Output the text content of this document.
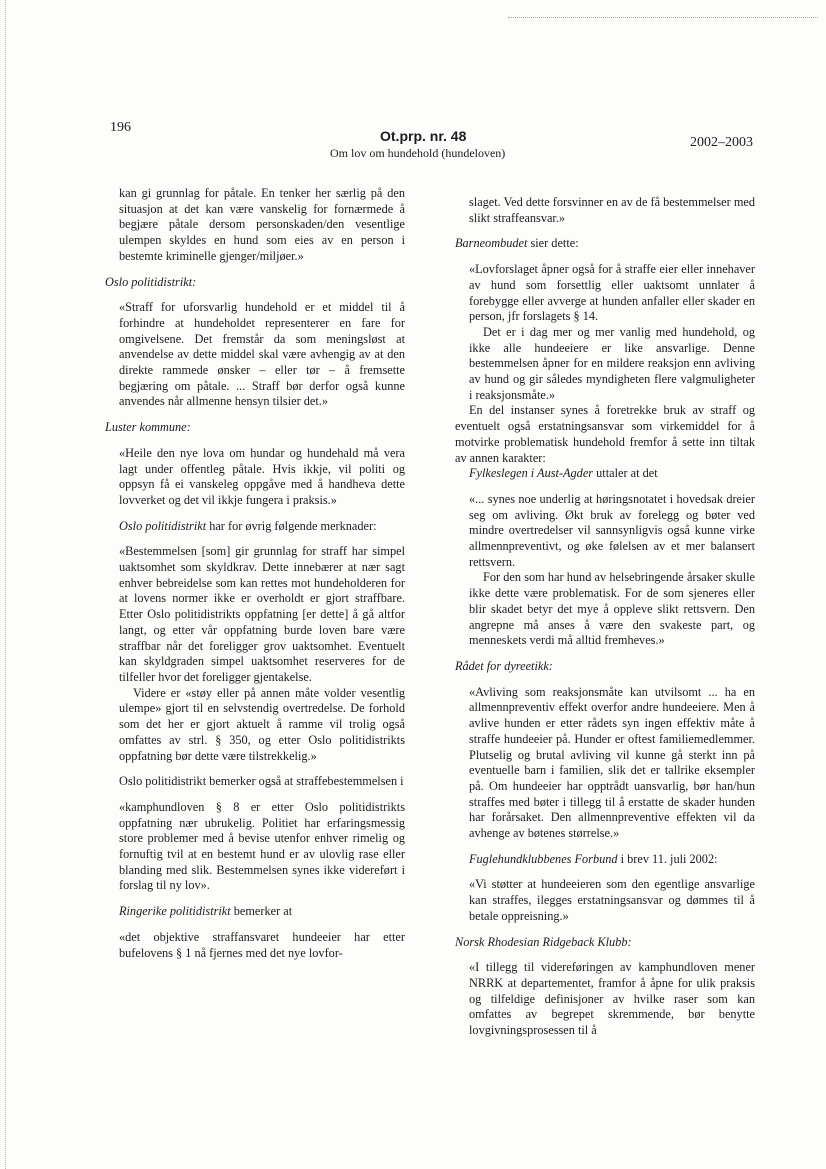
196
Ot.prp. nr. 48
Om lov om hundehold (hundeloven)
2002–2003

kan gi grunnlag for påtale. En tenker her særlig på den situasjon at det kan være vanskelig for fornærmede å begjære påtale dersom personskaden/den vesentlige ulempen skyldes en hund som eies av en person i bestemte kriminelle gjenger/miljøer.»

Oslo politidistrikt:

«Straff for uforsvarlig hundehold er et middel til å forhindre at hundeholdet representerer en fare for omgivelsene. Det fremstår da som meningsløst at anvendelse av dette middel skal være avhengig av at den direkte rammede ønsker – eller tør – å fremsette begjæring om påtale. ... Straff bør derfor også kunne anvendes når allmenne hensyn tilsier det.»

Luster kommune:

«Heile den nye lova om hundar og hundehald må vera lagt under offentleg påtale. Hvis ikkje, vil politi og oppsyn få ei vanskeleg oppgåve med å handheva dette lovverket og det vil ikkje fungera i praksis.»

Oslo politidistrikt har for øvrig følgende merknader:

«Bestemmelsen [som] gir grunnlag for straff har simpel uaktsomhet som skyldkrav. Dette innebærer at nær sagt enhver bebreidelse som kan rettes mot hundeholderen for at lovens normer ikke er overholdt er gjort straffbare. Etter Oslo politidistrikts oppfatning [er dette] å gå altfor langt, og etter vår oppfatning burde loven bare være straffbar når det foreligger grov uaktsomhet. Eventuelt kan skyldgraden simpel uaktsomhet reserveres for de tilfeller hvor det foreligger gjentakelse.

Videre er «støy eller på annen måte volder vesentlig ulempe» gjort til en selvstendig overtredelse. De forhold som det her er gjort aktuelt å ramme vil trolig også omfattes av strl. § 350, og etter Oslo politidistrikts oppfatning bør dette være tilstrekkelig.»

Oslo politidistrikt bemerker også at straffebestemmelsen i

«kamphundloven § 8 er etter Oslo politidistrikts oppfatning nær ubrukelig. Politiet har erfaringsmessig store problemer med å bevise utenfor enhver rimelig og fornuftig tvil at en bestemt hund er av ulovlig rase eller blanding med slik. Bestemmelsen synes ikke videreført i forslag til ny lov».

Ringerike politidistrikt bemerker at

«det objektive straffansvaret hundeeier har etter bufelovens § 1 nå fjernes med det nye lovfor-

slaget. Ved dette forsvinner en av de få bestemmelser med slikt straffeansvar.»

Barneombudet sier dette:

«Lovforslaget åpner også for å straffe eier eller innehaver av hund som forsettlig eller uaktsomt unnlater å forebygge eller avverge at hunden anfaller eller skader en person, jfr forslagets § 14.

Det er i dag mer og mer vanlig med hundehold, og ikke alle hundeeiere er like ansvarlige. Denne bestemmelsen åpner for en mildere reaksjon enn avliving av hund og gir således myndigheten flere valgmuligheter i reaksjonsmåte.»

En del instanser synes å foretrekke bruk av straff og eventuelt også erstatningsansvar som virkemiddel for å motvirke problematisk hundehold fremfor å sette inn tiltak av annen karakter:

Fylkeslegen i Aust-Agder uttaler at det

«... synes noe underlig at høringsnotatet i hovedsak dreier seg om avliving. Økt bruk av forelegg og bøter ved mindre overtredelser vil sannsynligvis også kunne virke allmennpreventivt, og øke følelsen av et mer balansert rettsvern.

For den som har hund av helsebringende årsaker skulle ikke dette være problematisk. For de som sjeneres eller blir skadet betyr det mye å oppleve slikt rettsvern. Den angrepne må anses å være den svakeste part, og menneskets verdi må alltid fremheves.»

Rådet for dyreetikk:

«Avliving som reaksjonsmåte kan utvilsomt ... ha en allmennpreventiv effekt overfor andre hundeeiere. Men å avlive hunden er etter rådets syn ingen effektiv måte å straffe hundeeier på. Hunder er oftest familiemedlemmer. Plutselig og brutal avliving vil kunne gå sterkt inn på eventuelle barn i familien, slik det er tallrike eksempler på. Om hundeeier har opptrådt uansvarlig, bør han/hun straffes med bøter i tillegg til å erstatte de skader hunden har forårsaket. Den allmennpreventive effekten vil da avhenge av bøtenes størrelse.»

Fuglehundklubbenes Forbund i brev 11. juli 2002:

«Vi støtter at hundeeieren som den egentlige ansvarlige kan straffes, ilegges erstatningsansvar og dømmes til å betale oppreisning.»

Norsk Rhodesian Ridgeback Klubb:

«I tillegg til videreføringen av kamphundloven mener NRRK at departementet, framfor å åpne for ulik praksis og tilfeldige definisjoner av hvilke raser som kan omfattes av begrepet skremmende, bør benytte lovgivningsprosessen til å
